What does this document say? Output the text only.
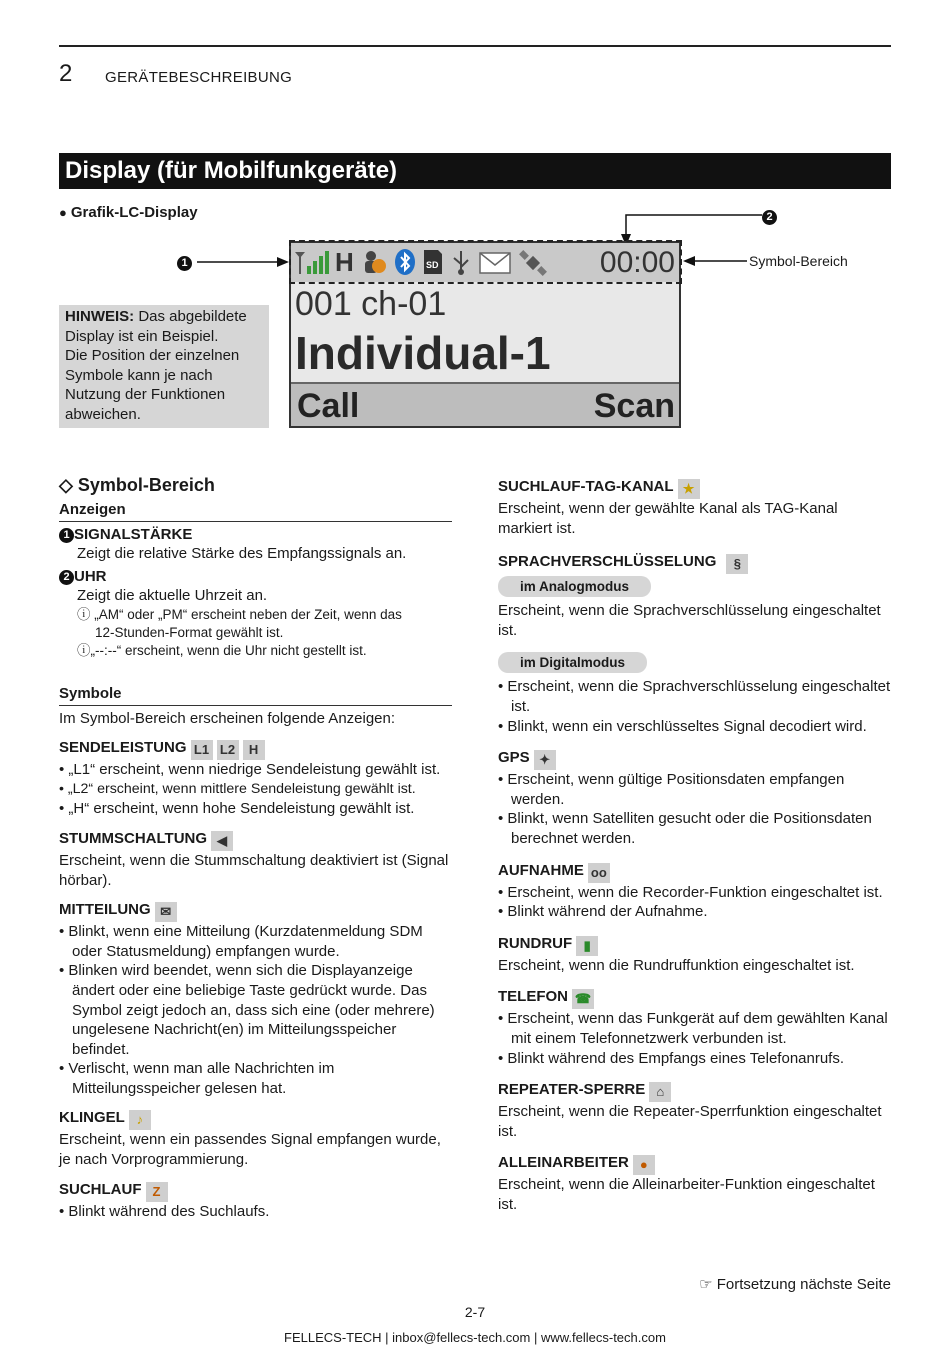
2 GERÄTEBESCHREIBUNG
Display (für Mobilfunkgeräte)
● Grafik-LC-Display
1
2
Symbol-Bereich
HINWEIS: Das abgebildete
Display ist ein Beispiel.
Die Position der einzelnen
Symbole kann je nach
Nutzung der Funktionen
abweichen.
H	SD	00:00
001 ch-01
Individual-1
Call	Scan
◇ Symbol-Bereich
Anzeigen
1 SIGNALSTÄRKE
Zeigt die relative Stärke des Empfangssignals an.
2 UHR
Zeigt die aktuelle Uhrzeit an.
ⓘ „AM“ oder „PM“ erscheint neben der Zeit, wenn das
12-Stunden-Format gewählt ist.
ⓘ„--:--“ erscheint, wenn die Uhr nicht gestellt ist.
Symbole
Im Symbol-Bereich erscheinen folgende Anzeigen:
SENDELEISTUNG L1 L2 H
• „L1“ erscheint, wenn niedrige Sendeleistung gewählt ist.
• „L2“ erscheint, wenn mittlere Sendeleistung gewählt ist.
• „H“ erscheint, wenn hohe Sendeleistung gewählt ist.
STUMMSCHALTUNG ◀
Erscheint, wenn die Stummschaltung deaktiviert ist (Signal hörbar).
MITTEILUNG ✉
• Blinkt, wenn eine Mitteilung (Kurzdatenmeldung SDM oder Statusmeldung) empfangen wurde.
• Blinken wird beendet, wenn sich die Displayanzeige ändert oder eine beliebige Taste gedrückt wurde. Das Symbol zeigt jedoch an, dass sich eine (oder mehrere) ungelesene Nachricht(en) im Mitteilungsspeicher befindet.
• Verlischt, wenn man alle Nachrichten im Mitteilungsspeicher gelesen hat.
KLINGEL ♪
Erscheint, wenn ein passendes Signal empfangen wurde, je nach Vorprogrammierung.
SUCHLAUF Z
• Blinkt während des Suchlaufs.
SUCHLAUF-TAG-KANAL ★
Erscheint, wenn der gewählte Kanal als TAG-Kanal markiert ist.
SPRACHVERSCHLÜSSELUNG §
im Analogmodus
Erscheint, wenn die Sprachverschlüsselung eingeschaltet ist.
im Digitalmodus
• Erscheint, wenn die Sprachverschlüsselung eingeschaltet ist.
• Blinkt, wenn ein verschlüsseltes Signal decodiert wird.
GPS ✦
• Erscheint, wenn gültige Positionsdaten empfangen werden.
• Blinkt, wenn Satelliten gesucht oder die Positionsdaten berechnet werden.
AUFNAHME oo
• Erscheint, wenn die Recorder-Funktion eingeschaltet ist.
• Blinkt während der Aufnahme.
RUNDRUF ▮
Erscheint, wenn die Rundruffunktion eingeschaltet ist.
TELEFON ☎
• Erscheint, wenn das Funkgerät auf dem gewählten Kanal mit einem Telefonnetzwerk verbunden ist.
• Blinkt während des Empfangs eines Telefonanrufs.
REPEATER-SPERRE ⌂
Erscheint, wenn die Repeater-Sperrfunktion eingeschaltet ist.
ALLEINARBEITER ●
Erscheint, wenn die Alleinarbeiter-Funktion eingeschaltet ist.
☞ Fortsetzung nächste Seite
2-7
FELLECS-TECH | inbox@fellecs-tech.com | www.fellecs-tech.com
